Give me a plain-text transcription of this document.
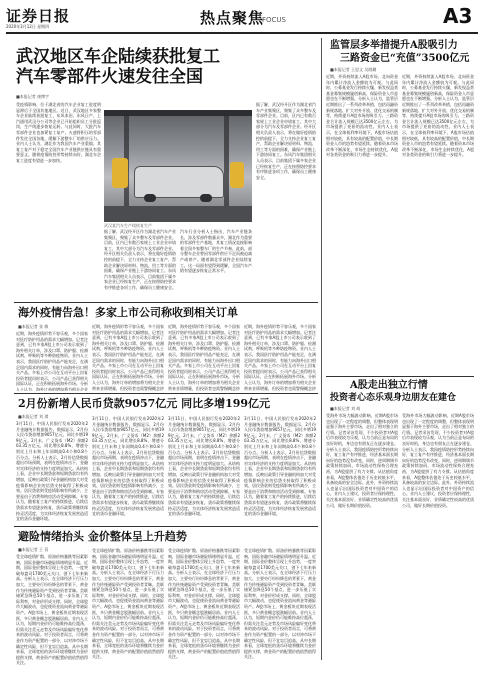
证券日报
2020年3月12日 星期四	热点聚焦
FOCUS	A3
武汉地区车企陆续获批复工
汽车零部件火速发往全国
■本报记者 康博宇
受疫情影响，位于湖北省的汽车企业复工进度明显滞后于全国其他地区。近日，武汉地区多家整车企业陆续获批复工，东风本田、东风日产、上汽通用武汉分公司等企业已开始组织员工分批返岗，生产线逐步恢复运转。与此同时，大批汽车零部件企业也加紧复工复产，火速将积压的零部件发往全国各地，缓解下游整车厂的供应压力。业内人士认为，湖北作为我国汽车产业重镇，其复工复产对于稳定全国汽车产业链供应链具有重要意义。随着疫情防控形势持续向好，湖北车企复工进度有望进一步加快。
武汉某汽车生产线恢复生产
据了解，武汉经开区作为湖北省汽车产业集聚区，聚集了众多整车及零部件企业。目前，区内已有数百家规上工业企业申请复工，其中大部分为汽车及零部件企业。经开区相关负责人表示，将在做好疫情防控的前提下，全力支持企业复工复产，帮助企业解决原材料、物流、用工等方面的困难，确保产业链上下游协同复工。东风汽车集团相关人员表示，目前集团下属多家企业已经恢复生产，正在按照防控要求有序推进各项工作，确保员工健康安全。
汽车行业分析人士指出，汽车产业链条长，涉及零部件数量众多，湖北作为重要的零部件生产基地，其复工情况直接影响着全国多家整车厂的生产节奏。此前，部分整车企业曾因零部件供应不足而被迫减产或停产。随着湖北零部件企业陆续复工，这一局面有望得到缓解，全国汽车产销有望逐步恢复正常水平。
据了解，武汉经开区作为湖北省汽车产业集聚区，聚集了众多整车及零部件企业。目前，区内已有数百家规上工业企业申请复工，其中大部分为汽车及零部件企业。经开区相关负责人表示，将在做好疫情防控的前提下，全力支持企业复工复产，帮助企业解决原材料、物流、用工等方面的困难，确保产业链上下游协同复工。东风汽车集团相关人员表示，目前集团下属多家企业已经恢复生产，正在按照防控要求有序推进各项工作，确保员工健康安全。
监管层多举措提升A股吸引力
三路资金已“充值”3500亿元
■本报记者 王思文 吴晓璐
近期，外资持续流入A股市场，北向资金年内累计净流入金额较为可观。与此同时，公募基金发行持续火爆，新发权益类基金募集规模屡创新高，保险资金入市意愿也在不断增强。分析人士认为，监管层近期推出了一系列改革举措，包括再融资新规落地、扩大对外开放、优化交易机制等，持续提升A股市场的吸引力。三路资金合计流入规模已达3500亿元左右，为市场提供了充裕的流动性。业内人士表示，在全球低利率环境下，A股市场估值相对较低，具有较高的配置价值，中长期资金入市的趋势有望延续。随着资本市场改革不断深化，市场生态持续优化，A股对各类资金的吸引力将进一步提升。
近期，外资持续流入A股市场，北向资金年内累计净流入金额较为可观。与此同时，公募基金发行持续火爆，新发权益类基金募集规模屡创新高，保险资金入市意愿也在不断增强。分析人士认为，监管层近期推出了一系列改革举措，包括再融资新规落地、扩大对外开放、优化交易机制等，持续提升A股市场的吸引力。三路资金合计流入规模已达3500亿元左右，为市场提供了充裕的流动性。业内人士表示，在全球低利率环境下，A股市场估值相对较低，具有较高的配置价值，中长期资金入市的趋势有望延续。随着资本市场改革不断深化，市场生态持续优化，A股对各类资金的吸引力将进一步提升。
海外疫情告急！多家上市公司称收到相关订单
■本报记者 张 敏
近期，海外疫情形势不容乐观，多个国家对医疗防护用品的需求大幅增加。记者注意到，已有多家A股上市公司表示收到了海外相关订单，涉及口罩、防护服、检测试剂、呼吸机等多种防疫物资。业内人士表示，我国医疗防护用品产能充足，在满足国内需求的同时，有能力向海外出口相关产品。多家上市公司在互动平台上回复投资者提问时表示，公司产品已获得相关国际认证，正在积极拓展海外市场。分析人士认为，海外订单的增加将为相关企业
近期，海外疫情形势不容乐观，多个国家对医疗防护用品的需求大幅增加。记者注意到，已有多家A股上市公司表示收到了海外相关订单，涉及口罩、防护服、检测试剂、呼吸机等多种防疫物资。业内人士表示，我国医疗防护用品产能充足，在满足国内需求的同时，有能力向海外出口相关产品。多家上市公司在互动平台上回复投资者提问时表示，公司产品已获得相关国际认证，正在积极拓展海外市场。分析人士认为，海外订单的增加将为相关企业带来业绩增量，但投资者也需警惕概念炒
近期，海外疫情形势不容乐观，多个国家对医疗防护用品的需求大幅增加。记者注意到，已有多家A股上市公司表示收到了海外相关订单，涉及口罩、防护服、检测试剂、呼吸机等多种防疫物资。业内人士表示，我国医疗防护用品产能充足，在满足国内需求的同时，有能力向海外出口相关产品。多家上市公司在互动平台上回复投资者提问时表示，公司产品已获得相关国际认证，正在积极拓展海外市场。分析人士认为，海外订单的增加将为相关企业带来业绩增量，但投资者也需警惕概念炒
近期，海外疫情形势不容乐观，多个国家对医疗防护用品的需求大幅增加。记者注意到，已有多家A股上市公司表示收到了海外相关订单，涉及口罩、防护服、检测试剂、呼吸机等多种防疫物资。业内人士表示，我国医疗防护用品产能充足，在满足国内需求的同时，有能力向海外出口相关产品。多家上市公司在互动平台上回复投资者提问时表示，公司产品已获得相关国际认证，正在积极拓展海外市场。分析人士认为，海外订单的增加将为相关企业带来业绩增量，但投资者也需警惕概念炒	A股走出独立行情
投资者心态乐观身边朋友在建仓
■本报记者 刘 萌
受海外市场大幅波动影响，近期A股市场也出现了一定程度的调整，但整体表现明显强于海外主要市场，走出了相对独立的行情。记者采访发现，不少投资者对A股后市表现较为乐观，认为当前正是布局的良好时机，身边也有朋友正在逐步建仓。分析人士表示，我国疫情防控形势持续向好，复工复产有序推进，经济基本面长期向好的趋势没有改变。同时，逆周期调节政策持续加码，市场流动性保持合理充裕，为A股提供了有力支撑。从估值角度来看，A股整体估值处于历史较低水平，具备较高的安全边际。此外，外资持续流入也显示出国际投资者对中国资产的信心。业内人士建议，投资者应保持理性，关注基本面良好、业绩确定性较高的优质公司，做好长期价值投资。
受海外市场大幅波动影响，近期A股市场也出现了一定程度的调整，但整体表现明显强于海外主要市场，走出了相对独立的行情。记者采访发现，不少投资者对A股后市表现较为乐观，认为当前正是布局的良好时机，身边也有朋友正在逐步建仓。分析人士表示，我国疫情防控形势持续向好，复工复产有序推进，经济基本面长期向好的趋势没有改变。同时，逆周期调节政策持续加码，市场流动性保持合理充裕，为A股提供了有力支撑。从估值角度来看，A股整体估值处于历史较低水平，具备较高的安全边际。此外，外资持续流入也显示出国际投资者对中国资产的信心。业内人士建议，投资者应保持理性，关注基本面良好、业绩确定性较高的优质公司，做好长期价值投资。
2月份新增人民币贷款9057亿元 同比多增199亿元
■本报记者 刘 琪
3月11日，中国人民银行发布2020年2月金融统计数据报告。数据显示，2月份人民币贷款增加9057亿元，同比多增199亿元。2月末，广义货币（M2）余额203.35万亿元，同比增长8.8%，增速分别比上月末和上年同期高0.4个和0.8个百分点。分析人士表示，2月份信贷数据超出市场预期，表明在疫情冲击下，金融对实体经济的支持力度明显加大。从结构上看，企业中长期贷款和短期贷款均有所增加，反映出政策引导金融机构加大对受疫情影响企业的信贷支持取得了积极成效。居民贷款则受疫情影响有所减少，主要是由于消费和购房活动受到抑制。专家认为，随着复工复产的持续推进，后续信贷需求有望逐步恢复，货币政策将继续保持灵活适度，为实体经济恢复发展营造适宜的货币金融环境。
3月11日，中国人民银行发布2020年2月金融统计数据报告。数据显示，2月份人民币贷款增加9057亿元，同比多增199亿元。2月末，广义货币（M2）余额203.35万亿元，同比增长8.8%，增速分别比上月末和上年同期高0.4个和0.8个百分点。分析人士表示，2月份信贷数据超出市场预期，表明在疫情冲击下，金融对实体经济的支持力度明显加大。从结构上看，企业中长期贷款和短期贷款均有所增加，反映出政策引导金融机构加大对受疫情影响企业的信贷支持取得了积极成效。居民贷款则受疫情影响有所减少，主要是由于消费和购房活动受到抑制。专家认为，随着复工复产的持续推进，后续信贷需求有望逐步恢复，货币政策将继续保持灵活适度，为实体经济恢复发展营造适宜的货币金融环境。
3月11日，中国人民银行发布2020年2月金融统计数据报告。数据显示，2月份人民币贷款增加9057亿元，同比多增199亿元。2月末，广义货币（M2）余额203.35万亿元，同比增长8.8%，增速分别比上月末和上年同期高0.4个和0.8个百分点。分析人士表示，2月份信贷数据超出市场预期，表明在疫情冲击下，金融对实体经济的支持力度明显加大。从结构上看，企业中长期贷款和短期贷款均有所增加，反映出政策引导金融机构加大对受疫情影响企业的信贷支持取得了积极成效。居民贷款则受疫情影响有所减少，主要是由于消费和购房活动受到抑制。专家认为，随着复工复产的持续推进，后续信贷需求有望逐步恢复，货币政策将继续保持灵活适度，为实体经济恢复发展营造适宜的货币金融环境。
3月11日，中国人民银行发布2020年2月金融统计数据报告。数据显示，2月份人民币贷款增加9057亿元，同比多增199亿元。2月末，广义货币（M2）余额203.35万亿元，同比增长8.8%，增速分别比上月末和上年同期高0.4个和0.8个百分点。分析人士表示，2月份信贷数据超出市场预期，表明在疫情冲击下，金融对实体经济的支持力度明显加大。从结构上看，企业中长期贷款和短期贷款均有所增加，反映出政策引导金融机构加大对受疫情影响企业的信贷支持取得了积极成效。居民贷款则受疫情影响有所减少，主要是由于消费和购房活动受到抑制。专家认为，随着复工复产的持续推进，后续信贷需求有望逐步恢复，货币政策将继续保持灵活适度，为实体经济恢复发展营造适宜的货币金融环境。
避险情绪抬头 金价整体呈上升趋势
■本报记者 王 蓉
受全球疫情扩散、原油价格暴跌等因素影响，国际金融市场避险情绪明显升温。近期，国际金价整体呈现上升趋势，一度突破每盎司1700美元关口，创下七年来新高。分析人士表示，在全球经济下行压力加大、主要央行纷纷降息的背景下，黄金作为传统避险资产受到投资者青睐。美联储紧急降息50个基点，进一步压低了实际利率，对金价形成支撑。同时，全球股市大幅波动，也促使资金流向黄金等避险资产。A股市场上，黄金板块近期表现活跃，多只黄金概念股涨幅居前。业内人士认为，短期内金价仍可能维持高位震荡，但需关注美元走势及市场风险偏好变化带来的波动风险。对于投资者而言，可将黄金作为资产配置的一部分，以对冲市场不确定性风险，但不宜盲目追高。从中长期来看，全球宽松的货币环境将继续为金价提供支撑，黄金资产的配置价值依然值得关注。
受全球疫情扩散、原油价格暴跌等因素影响，国际金融市场避险情绪明显升温。近期，国际金价整体呈现上升趋势，一度突破每盎司1700美元关口，创下七年来新高。分析人士表示，在全球经济下行压力加大、主要央行纷纷降息的背景下，黄金作为传统避险资产受到投资者青睐。美联储紧急降息50个基点，进一步压低了实际利率，对金价形成支撑。同时，全球股市大幅波动，也促使资金流向黄金等避险资产。A股市场上，黄金板块近期表现活跃，多只黄金概念股涨幅居前。业内人士认为，短期内金价仍可能维持高位震荡，但需关注美元走势及市场风险偏好变化带来的波动风险。对于投资者而言，可将黄金作为资产配置的一部分，以对冲市场不确定性风险，但不宜盲目追高。从中长期来看，全球宽松的货币环境将继续为金价提供支撑，黄金资产的配置价值依然值得关注。
受全球疫情扩散、原油价格暴跌等因素影响，国际金融市场避险情绪明显升温。近期，国际金价整体呈现上升趋势，一度突破每盎司1700美元关口，创下七年来新高。分析人士表示，在全球经济下行压力加大、主要央行纷纷降息的背景下，黄金作为传统避险资产受到投资者青睐。美联储紧急降息50个基点，进一步压低了实际利率，对金价形成支撑。同时，全球股市大幅波动，也促使资金流向黄金等避险资产。A股市场上，黄金板块近期表现活跃，多只黄金概念股涨幅居前。业内人士认为，短期内金价仍可能维持高位震荡，但需关注美元走势及市场风险偏好变化带来的波动风险。对于投资者而言，可将黄金作为资产配置的一部分，以对冲市场不确定性风险，但不宜盲目追高。从中长期来看，全球宽松的货币环境将继续为金价提供支撑，黄金资产的配置价值依然值得关注。
受全球疫情扩散、原油价格暴跌等因素影响，国际金融市场避险情绪明显升温。近期，国际金价整体呈现上升趋势，一度突破每盎司1700美元关口，创下七年来新高。分析人士表示，在全球经济下行压力加大、主要央行纷纷降息的背景下，黄金作为传统避险资产受到投资者青睐。美联储紧急降息50个基点，进一步压低了实际利率，对金价形成支撑。同时，全球股市大幅波动，也促使资金流向黄金等避险资产。A股市场上，黄金板块近期表现活跃，多只黄金概念股涨幅居前。业内人士认为，短期内金价仍可能维持高位震荡，但需关注美元走势及市场风险偏好变化带来的波动风险。对于投资者而言，可将黄金作为资产配置的一部分，以对冲市场不确定性风险，但不宜盲目追高。从中长期来看，全球宽松的货币环境将继续为金价提供支撑，黄金资产的配置价值依然值得关注。
